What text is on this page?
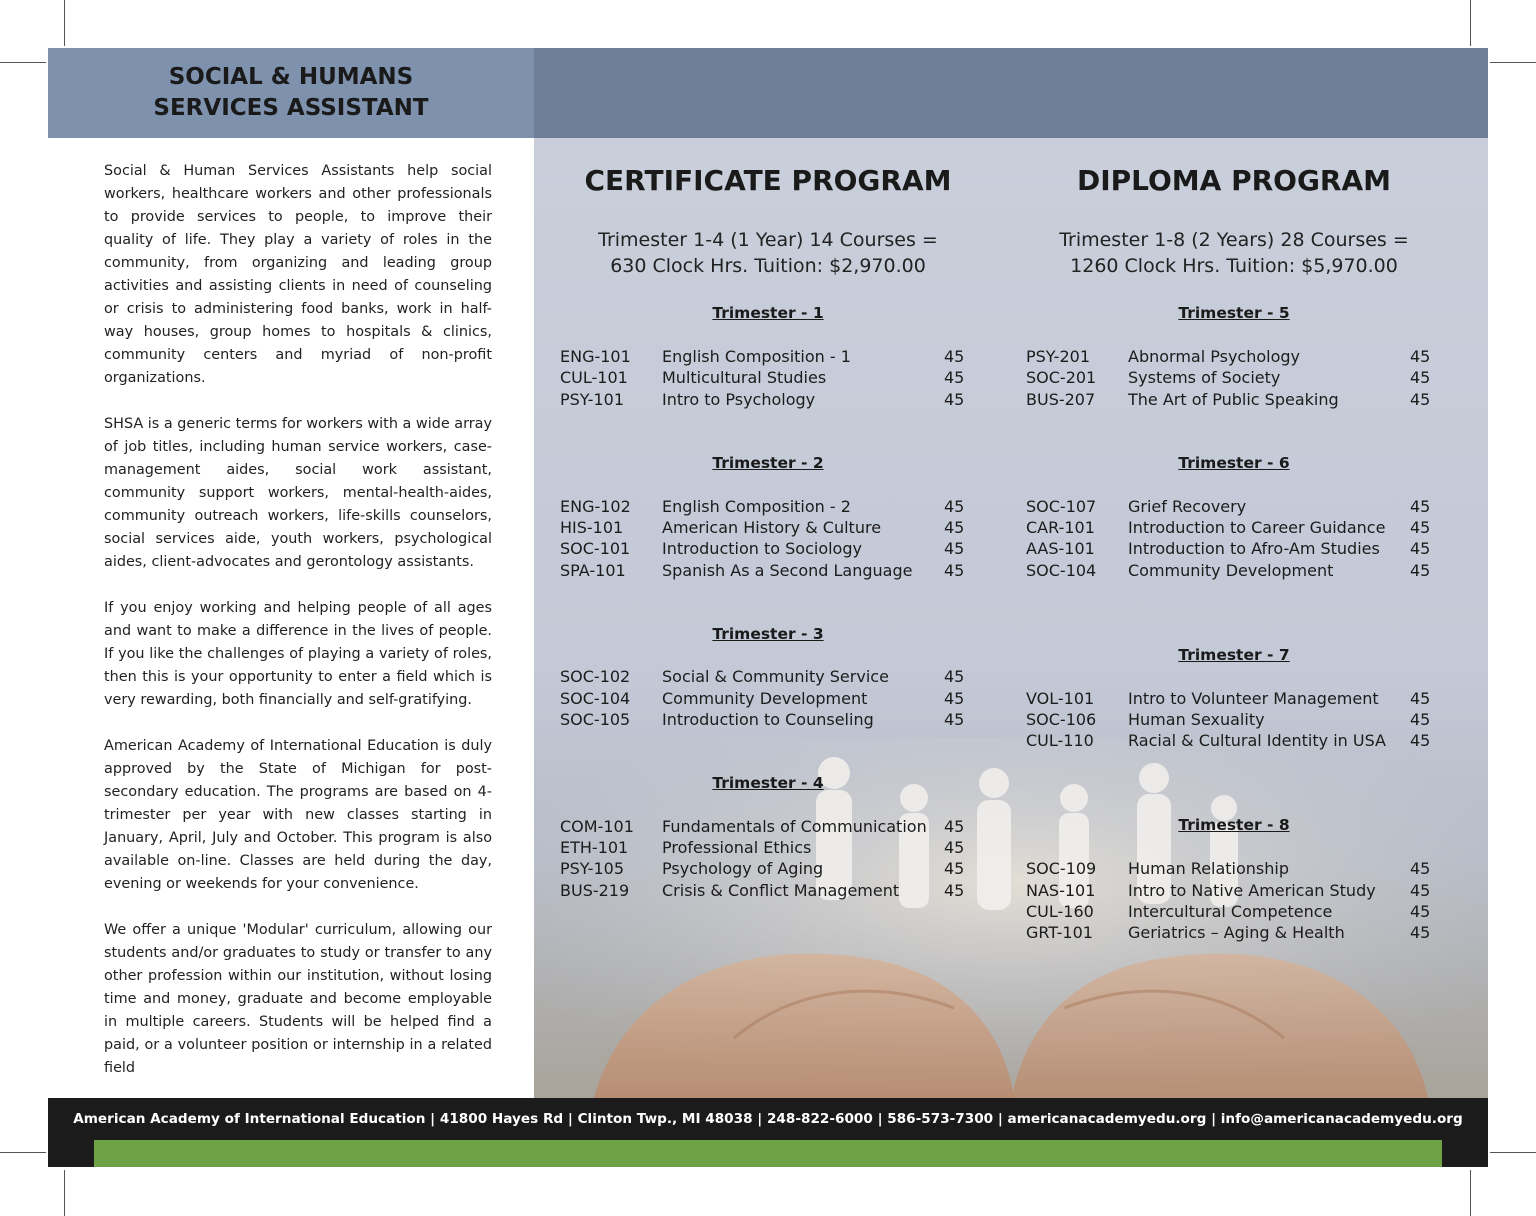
SOCIAL & HUMANS
SERVICES ASSISTANT

Social & Human Services Assistants help social workers, healthcare workers and other professionals to provide services to people, to improve their quality of life. They play a variety of roles in the community, from organizing and leading group activities and assisting clients in need of counseling or crisis to administering food banks, work in half-way houses, group homes to hospitals & clinics, community centers and myriad of non-profit organizations.

SHSA is a generic terms for workers with a wide array of job titles, including human service workers, case-management aides, social work assistant, community support workers, mental-health-aides, community outreach workers, life-skills counselors, social services aide, youth workers, psychological aides, client-advocates and gerontology assistants.

If you enjoy working and helping people of all ages and want to make a difference in the lives of people. If you like the challenges of playing a variety of roles, then this is your opportunity to enter a field which is very rewarding, both financially and self-gratifying.

American Academy of International Education is duly approved by the State of Michigan for post-secondary education. The programs are based on 4-trimester per year with new classes starting in January, April, July and October. This program is also available on-line. Classes are held during the day, evening or weekends for your convenience.

We offer a unique 'Modular' curriculum, allowing our students and/or graduates to study or transfer to any other profession within our institution, without losing time and money, graduate and become employable in multiple careers. Students will be helped find a paid, or a volunteer position or internship in a related field

CERTIFICATE PROGRAM
Trimester 1-4 (1 Year) 14 Courses =
630 Clock Hrs. Tuition: $2,970.00
Trimester - 1
ENG-101 English Composition - 1	45
CUL-101 Multicultural Studies	45
PSY-101 Intro to Psychology	45
Trimester - 2
ENG-102 English Composition - 2	45
HIS-101 American History & Culture	45
SOC-101 Introduction to Sociology	45
SPA-101 Spanish As a Second Language 45
Trimester - 3
SOC-102 Social & Community Service	45
SOC-104 Community Development	45
SOC-105 Introduction to Counseling	45
Trimester - 4
COM-101 Fundamentals of Communication 45
ETH-101 Professional Ethics	45
PSY-105 Psychology of Aging	45
BUS-219 Crisis & Conflict Management	45
DIPLOMA PROGRAM
Trimester 1-8 (2 Years) 28 Courses =
1260 Clock Hrs. Tuition: $5,970.00
Trimester - 5
PSY-201 Abnormal Psychology	45
SOC-201 Systems of Society	45
BUS-207 The Art of Public Speaking	45
Trimester - 6
SOC-107 Grief Recovery	45
CAR-101 Introduction to Career Guidance 45
AAS-101 Introduction to Afro-Am Studies 45
SOC-104 Community Development	45
Trimester - 7
VOL-101 Intro to Volunteer Management 45
SOC-106 Human Sexuality	45
CUL-110 Racial & Cultural Identity in USA 45
Trimester - 8
SOC-109 Human Relationship	45
NAS-101 Intro to Native American Study 45
CUL-160 Intercultural Competence	45
GRT-101 Geriatrics – Aging & Health	45
American Academy of International Education | 41800 Hayes Rd | Clinton Twp., MI 48038 | 248-822-6000 | 586-573-7300 | americanacademyedu.org | info@americanacademyedu.org
